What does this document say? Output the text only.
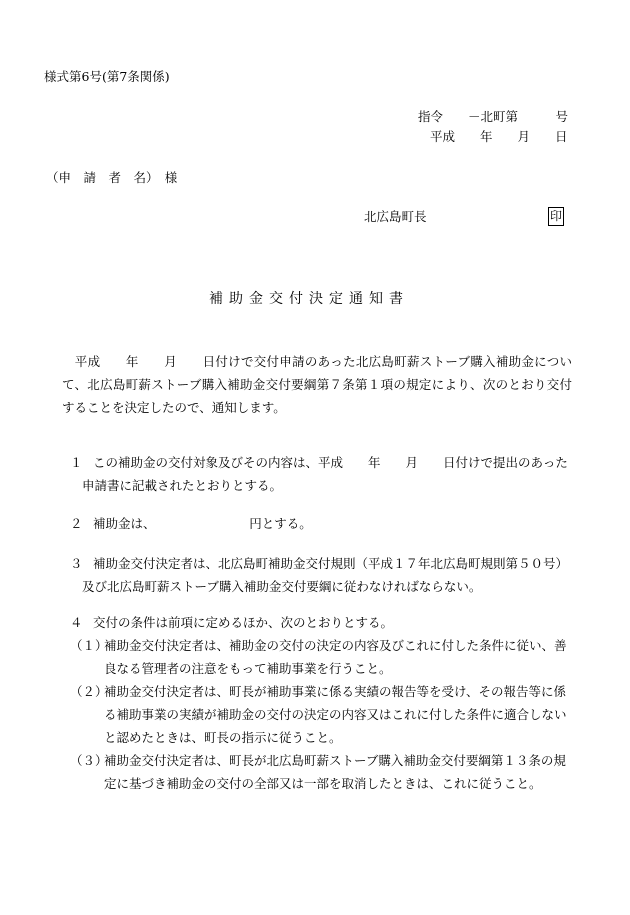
様式第6号(第7条関係)
指令　　－北町第　　　号
平成　　年　　月　　日
（申　請　者　名）　様
北広島町長	印
補助金交付決定通知書
　平成　　年　　月　　日付けで交付申請のあった北広島町薪ストーブ購入補助金について、北広島町薪ストーブ購入補助金交付要綱第７条第１項の規定により、次のとおり交付することを決定したので、通知します。
１ この補助金の交付対象及びその内容は、平成　　年　　月　　日付けで提出のあった
申請書に記載されたとおりとする。
２ 補助金は、　　　　　　　　円とする。
３ 補助金交付決定者は、北広島町補助金交付規則（平成１７年北広島町規則第５０号）
及び北広島町薪ストーブ購入補助金交付要綱に従わなければならない。
４ 交付の条件は前項に定めるほか、次のとおりとする。
（１）
補助金交付決定者は、補助金の交付の決定の内容及びこれに付した条件に従い、善良なる管理者の注意をもって補助事業を行うこと。
（２）
補助金交付決定者は、町長が補助事業に係る実績の報告等を受け、その報告等に係る補助事業の実績が補助金の交付の決定の内容又はこれに付した条件に適合しないと認めたときは、町長の指示に従うこと。
（３）
補助金交付決定者は、町長が北広島町薪ストーブ購入補助金交付要綱第１３条の規定に基づき補助金の交付の全部又は一部を取消したときは、これに従うこと。
